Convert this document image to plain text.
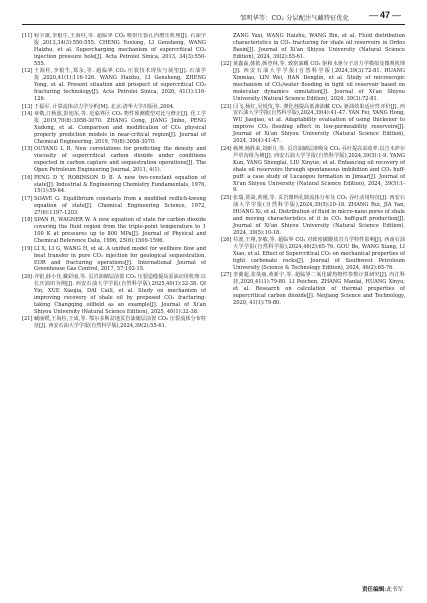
邹明华等：CO₂ 分层配注气藏特征优化 — 47 —
[11] 程宇雄,李根生,王海柱,等. 超临界 CO₂ 喷射压裂孔内增压机理[J]. 石油学报,2013,34(3):550-555. CHENG Yuxiong, LI Gensheng, WANG Haizhu, et al. Supercharging mechanism of supercritical CO₂ injection pressure hole[J]. Acta Petrolei Sinica, 2013, 34(3):550-555.
[12] 王海柱,李根生,郑永,等. 超临界 CO₂ 压裂技术现状与展望[J]. 石油学报,2020,41(1):116-126. WANG Haizhu, LI Gensheng, ZHENG Yong, et al. Present situation and prospect of supercritical CO₂ fracturing technology[J]. Acta Petrolei Sinica, 2020, 41(1):116-126.
[13] 王福军. 计算流体动力学分析[M]. 北京:清华大学出版社,2004.
[14] 章敬,江秋波,彭旭东,等. 近临界区 CO₂ 物性预测模型对比与修正[J]. 化工学报,2019,70(8):3058-3070. ZHANG Cong, JIANG Jinbo, PENG Xudong, et al. Comparison and modification of CO₂ physical property prediction models in near-critical region[J]. Journal of Chemical Engineering, 2019, 70(8):3058-3070.
[15] OUYANG L B. New correlations for predicting the density and viscosity of supercritical carbon dioxide under conditions expected in carbon capture and sequestration operations[J]. The Open Petroleum Engineering Journal, 2011, 4(1).
[16] PENG D Y, ROBINSON D B. A new two-constant equation of state[J]. Industrial & Engineering Chemistry Fundamentals, 1976, 15(1):59-64.
[17] SOAVE G. Equilibrium constants from a modified redlich-kwong equation of state[J]. Chemical Engineering Science, 1972, 27(6):1197-1203.
[18] SPAN R, WAGNER W. A new equation of state for carbon dioxide covering the fluid region from the triple-point temperature to 1 100 K at pressures up to 800 MPa[J]. Journal of Physical and Chemical Reference Data, 1996, 25(6):1509-1596.
[19] LI X, LI G, WANG H, et al. A unified model for wellbore flow and heat transfer in pure CO₂ injection for geological sequestration, EOR and fracturing operations[J]. International Journal of Greenhouse Gas Control, 2017, 57:102-15.
[20] 齐银,薛小佳,戴彩丽,等. 页岩油储层前置 CO₂ 压裂造缝提高原油动用机理:以长庆油田为例[J]. 西安石油大学学报(自然科学版),2025,40(1):32-38. QI Yin, XUE Xiaojia, DAI Caili, et al. Study on mechanism of improving recovery of shale oil by preposed CO₂ fracturing: taking Changqing oilfield as an example[J]. Journal of Xi'an Shiyou University (Natural Science Edition), 2025, 40(1):32-38.
[21] 臧丽媛,王海柱,王成,等. 鄂尔多斯盆地页岩油储层前置 CO₂ 压裂流体分布特征[J]. 西安石油大学学报(自然科学版),2024,39(2):55-61.
ZANG Yuxi, WANG Haizhu, WANG Bin, et al. Fluid distribution characteristics in CO₂ fracturing for shale oil reservoirs in Ordos Basin[J]. Journal of Xi'an Shiyou University (Natural Science Edition), 2024, 39(2):55-61.
[22] 黄鑫淼,韩依,韩登林,等. 致密油藏 CO₂ 驱和水驱分子动力学模拟及微观机理[J]. 西安石油大学学报(自然科学版),2024,39(3):72-81. HUANG Xinmiao, LIN Wei, HAN Denglin, et al. Study of microscopic mechanism of CO₂/water flooding in tight oil reservoir based on molecular dynamics simulation[J]. Journal of Xi'an Shiyou University (Natural Science Edition), 2024, 39(3):72-81.
[23] 闫飞,杨红,吴悦伎,等. 薄化剂提高低渗油藏 CO₂ 驱油效果适应性评价[J]. 西安石油大学学报(自然科学版),2024,39(4):41-47. YAN Fei, YANG Hong, WU Jiaojiao, et al. Adaptability evaluation of using thickener to improve CO₂ flooding effect in low-permeability reservoirs[J]. Journal of Xi'an Shiyou University (Natural Science Edition), 2024, 39(4):41-47.
[24] 杨坤,杨胜来,刘新月,等. 页岩油储层渗吸及 CO₂ 吞吐提高采收率:以吉木萨尔芦草沟组为例[J]. 西安石油大学学报(自然科学版),2024,39(5):1-9. YANG Kun, YANG Shenglai, LIU Xinyue, et al. Enhancing oil recovery of shale oil reservoirs through spontaneous imbibition and CO₂ huff-puff: a case study of Lucaogou formation in Jimsar[J]. Journal of Xi'an Shiyou University (Natural Science Edition), 2024, 39(5):1-9.
[25] 张瑞,贾焱,黄刚,等. 页岩微纳孔隙流体分布及 CO₂ 吞吐动用特征[J]. 西安石油大学学报(自然科学版),2024,39(5):10-18. ZHANG Rui, JIA Yan, HUANG Xi, et al. Distribution of fluid in micro-nano pores of shale and moving characteristics of it in CO₂ huff-puff production[J]. Journal of Xi'an Shiyou University (Natural Science Edition), 2024, 39(5):10-18.
[26] 苟波,王翔,李敏,等. 超临界 CO₂ 对致密碳酸盐岩力学特性影响[J]. 西南石油大学学报(自然科学版),2024,46(2):65-76. GOU Bo, WANG Xiang, LI Xiao, et al. Effect of Supercritical CO₂ on mechanical properties of tight carbonate rocks[J]. Journal of Southwest Petroleum University (Science & Technology Edition), 2024, 46(2):65-76.
[27] 李翼超,张曼丽,黄新宇,等. 超临界二氧化碳热物性参数计算研究[J]. 内江科技,2020,41(1):79-80. LI Peichen, ZHANG Manlai, HUANG Xinyu, et al. Research on calculation of thermal properties of supercritical carbon dioxide[J]. Neijiang Science and Technology, 2020, 41(1):79-80.
责任编辑:此书军
